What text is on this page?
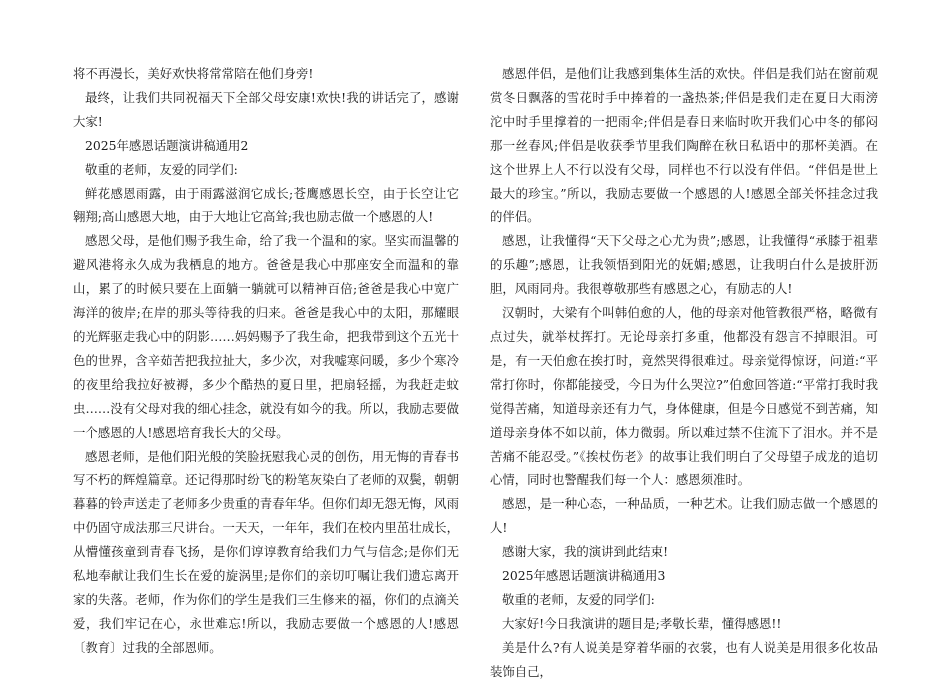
将不再漫长，美好欢快将常常陪在他们身旁!

最终，让我们共同祝福天下全部父母安康!欢快!我的讲话完了，感谢大家!

2025年感恩话题演讲稿通用2

敬重的老师，友爱的同学们:

鲜花感恩雨露，由于雨露滋润它成长;苍鹰感恩长空，由于长空让它翱翔;高山感恩大地，由于大地让它高耸;我也励志做一个感恩的人!

感恩父母，是他们赐予我生命，给了我一个温和的家。坚实而温馨的避风港将永久成为我栖息的地方。爸爸是我心中那座安全而温和的靠山，累了的时候只要在上面躺一躺就可以精神百倍;爸爸是我心中宽广海洋的彼岸;在岸的那头等待我的归来。爸爸是我心中的太阳，那耀眼的光辉驱走我心中的阴影……妈妈赐予了我生命，把我带到这个五光十色的世界，含辛茹苦把我拉扯大，多少次，对我嘘寒问暖，多少个寒冷的夜里给我拉好被褥，多少个酷热的夏日里，把扇轻摇，为我赶走蚊虫……没有父母对我的细心挂念，就没有如今的我。所以，我励志要做一个感恩的人!感恩培育我长大的父母。

感恩老师，是他们阳光般的笑脸抚慰我心灵的创伤，用无悔的青春书写不朽的辉煌篇章。还记得那时纷飞的粉笔灰染白了老师的双鬓，朝朝暮暮的铃声送走了老师多少贵重的青春年华。但你们却无怨无悔，风雨中仍固守成法那三尺讲台。一天天，一年年，我们在校内里茁壮成长，从懵懂孩童到青春飞扬，是你们谆谆教育给我们力气与信念;是你们无私地奉献让我们生长在爱的旋涡里;是你们的亲切叮嘱让我们遗忘离开家的失落。老师，作为你们的学生是我们三生修来的福，你们的点滴关爱，我们牢记在心，永世难忘!所以，我励志要做一个感恩的人!感恩〔教育〕过我的全部恩师。

感恩伴侣，是他们让我感到集体生活的欢快。伴侣是我们站在窗前观赏冬日飘落的雪花时手中捧着的一盏热茶;伴侣是我们走在夏日大雨滂沱中时手里撑着的一把雨伞;伴侣是春日来临时吹开我们心中冬的郁闷那一丝春风;伴侣是收获季节里我们陶醉在秋日私语中的那杯美酒。在这个世界上人不行以没有父母，同样也不行以没有伴侣。“伴侣是世上最大的珍宝。”所以，我励志要做一个感恩的人!感恩全部关怀挂念过我的伴侣。

感恩，让我懂得“天下父母之心尤为贵”;感恩，让我懂得“承膝于祖辈的乐趣”;感恩，让我领悟到阳光的妩媚;感恩，让我明白什么是披肝沥胆，风雨同舟。我很尊敬那些有感恩之心，有励志的人!

汉朝时，大梁有个叫韩伯愈的人，他的母亲对他管教很严格，略微有点过失，就举杖挥打。无论母亲打多重，他都没有怨言不掉眼泪。可是，有一天伯愈在挨打时，竟然哭得很难过。母亲觉得惊讶，问道:“平常打你时，你都能接受，今日为什么哭泣?”伯愈回答道:“平常打我时我觉得苦痛，知道母亲还有力气，身体健康，但是今日感觉不到苦痛，知道母亲身体不如以前，体力微弱。所以难过禁不住流下了泪水。并不是苦痛不能忍受。”《挨杖伤老》的故事让我们明白了父母望子成龙的追切心情，同时也警醒我们每一个人：感恩须准时。

感恩，是一种心态，一种品质，一种艺术。让我们励志做一个感恩的人!

感谢大家，我的演讲到此结束!

2025年感恩话题演讲稿通用3

敬重的老师，友爱的同学们:

大家好!今日我演讲的题目是;孝敬长辈，懂得感恩!!

美是什么?有人说美是穿着华丽的衣裳，也有人说美是用很多化妆品装饰自己，
